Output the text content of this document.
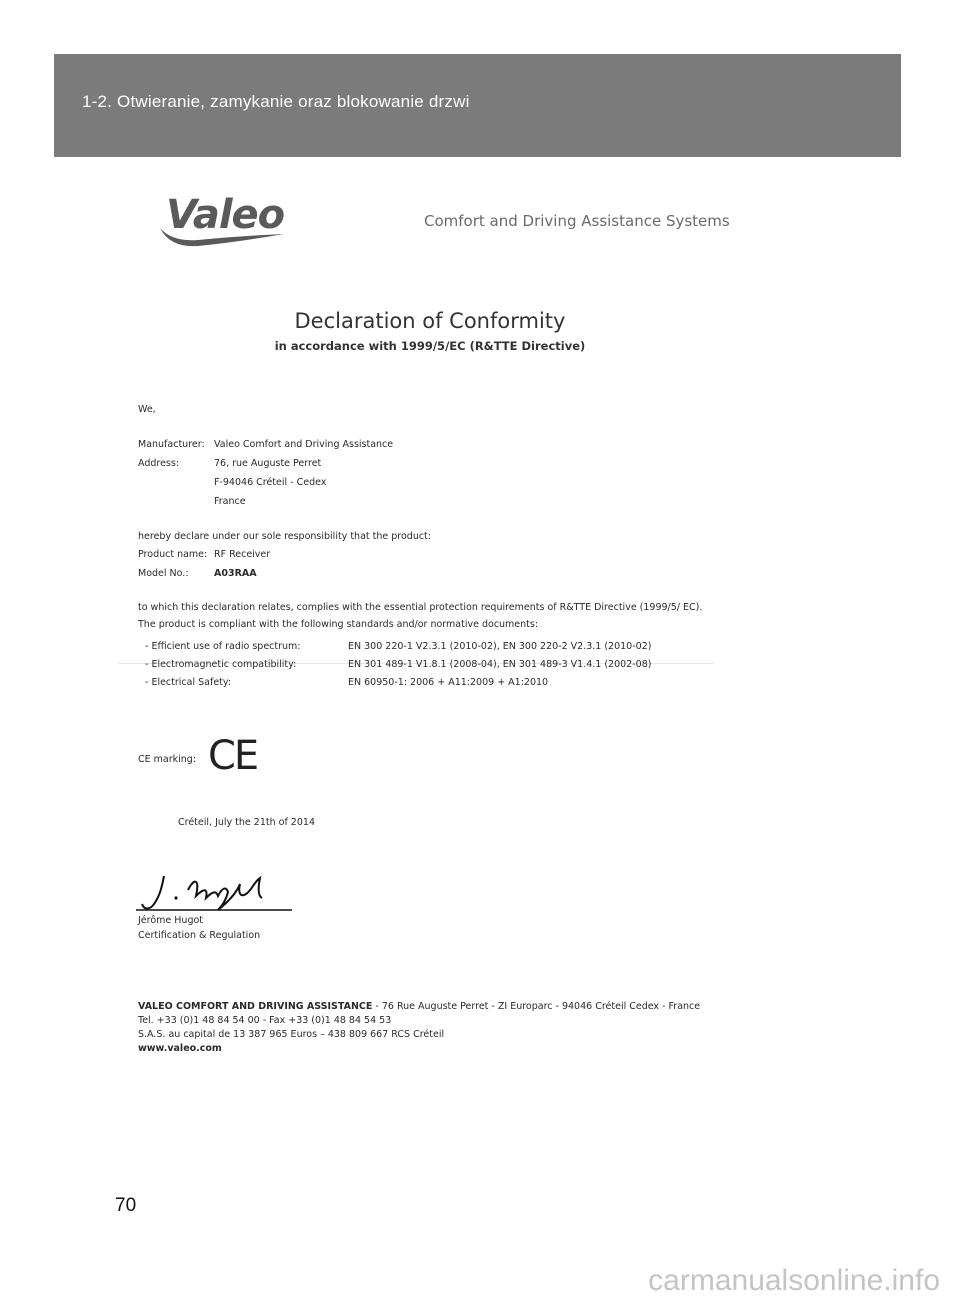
1-2. Otwieranie, zamykanie oraz blokowanie drzwi
Valeo	Comfort and Driving Assistance Systems
Declaration of Conformity
in accordance with 1999/5/EC (R&TTE Directive)
We,
Manufacturer: Valeo Comfort and Driving Assistance
Address:	76, rue Auguste Perret
F-94046 Créteil - Cedex
France
hereby declare under our sole responsibility that the product:
Product name: RF Receiver
Model No.:	A03RAA
to which this declaration relates, complies with the essential protection requirements of R&TTE Directive (1999/5/ EC).
The product is compliant with the following standards and/or normative documents:
- Efficient use of radio spectrum:	EN 300 220-1 V2.3.1 (2010-02), EN 300 220-2 V2.3.1 (2010-02)
- Electromagnetic compatibility:	EN 301 489-1 V1.8.1 (2008-04), EN 301 489-3 V1.4.1 (2002-08)
- Electrical Safety:	EN 60950-1: 2006 + A11:2009 + A1:2010
CE marking: CE
Créteil, July the 21th of 2014
Jérôme Hugot
Certification & Regulation
VALEO COMFORT AND DRIVING ASSISTANCE - 76 Rue Auguste Perret - ZI Europarc - 94046 Créteil Cedex - France
Tel. +33 (0)1 48 84 54 00 - Fax +33 (0)1 48 84 54 53
S.A.S. au capital de 13 387 965 Euros – 438 809 667 RCS Créteil
www.valeo.com
70
carmanualsonline.info
